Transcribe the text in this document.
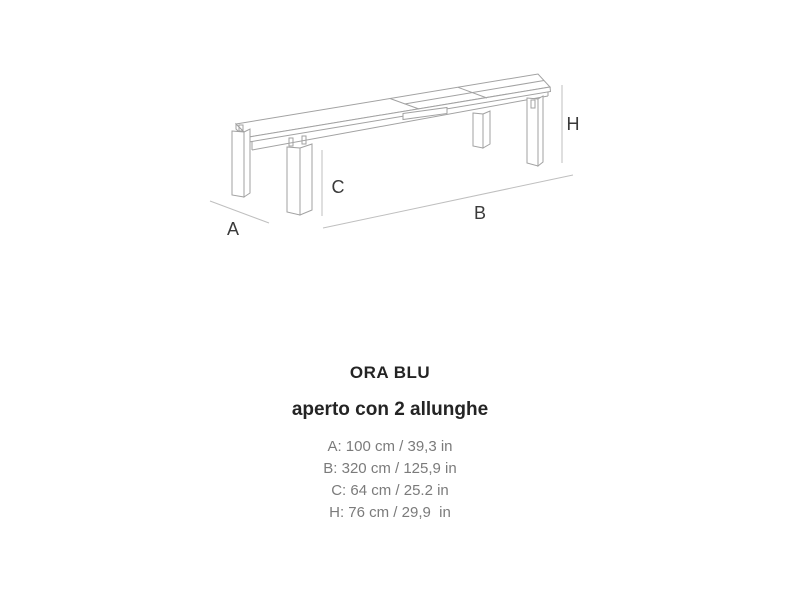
A
B
C
H
ORA BLU
aperto con 2 allunghe
A: 100 cm / 39,3 in
B: 320 cm / 125,9 in
C: 64 cm / 25.2 in
H: 76 cm / 29,9  in
